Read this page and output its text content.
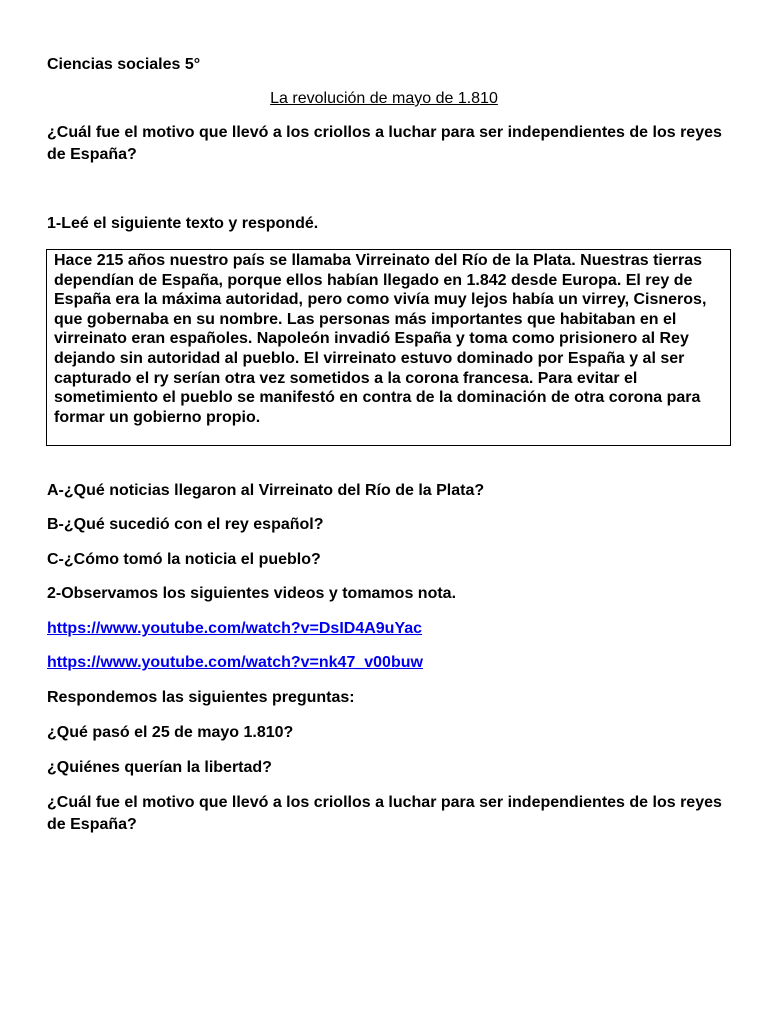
Ciencias sociales 5°
La revolución de mayo de 1.810
¿Cuál fue el motivo que llevó a los criollos a luchar para ser independientes de los reyes de España?
1-Leé el siguiente texto y respondé.
Hace 215 años nuestro país se llamaba Virreinato del Río de la Plata. Nuestras tierras dependían de España, porque ellos habían llegado en 1.842 desde Europa. El rey de España era la máxima autoridad, pero como vivía muy lejos había un virrey, Cisneros, que gobernaba en su nombre. Las personas más importantes que habitaban en el virreinato eran españoles. Napoleón invadió España y toma como prisionero al Rey dejando sin autoridad al pueblo. El virreinato estuvo dominado por España y al ser capturado el ry serían otra vez sometidos a la corona francesa. Para evitar el sometimiento el pueblo se manifestó en contra de la dominación de otra corona para formar un gobierno propio.
A-¿Qué noticias llegaron al Virreinato del Río de la Plata?
B-¿Qué sucedió con el rey español?
C-¿Cómo tomó la noticia el pueblo?
2-Observamos los siguientes videos y tomamos nota.
https://www.youtube.com/watch?v=DsID4A9uYac
https://www.youtube.com/watch?v=nk47_v00buw
Respondemos las siguientes preguntas:
¿Qué pasó el 25 de mayo 1.810?
¿Quiénes querían la libertad?
¿Cuál fue el motivo que llevó a los criollos a luchar para ser independientes de los reyes de España?
